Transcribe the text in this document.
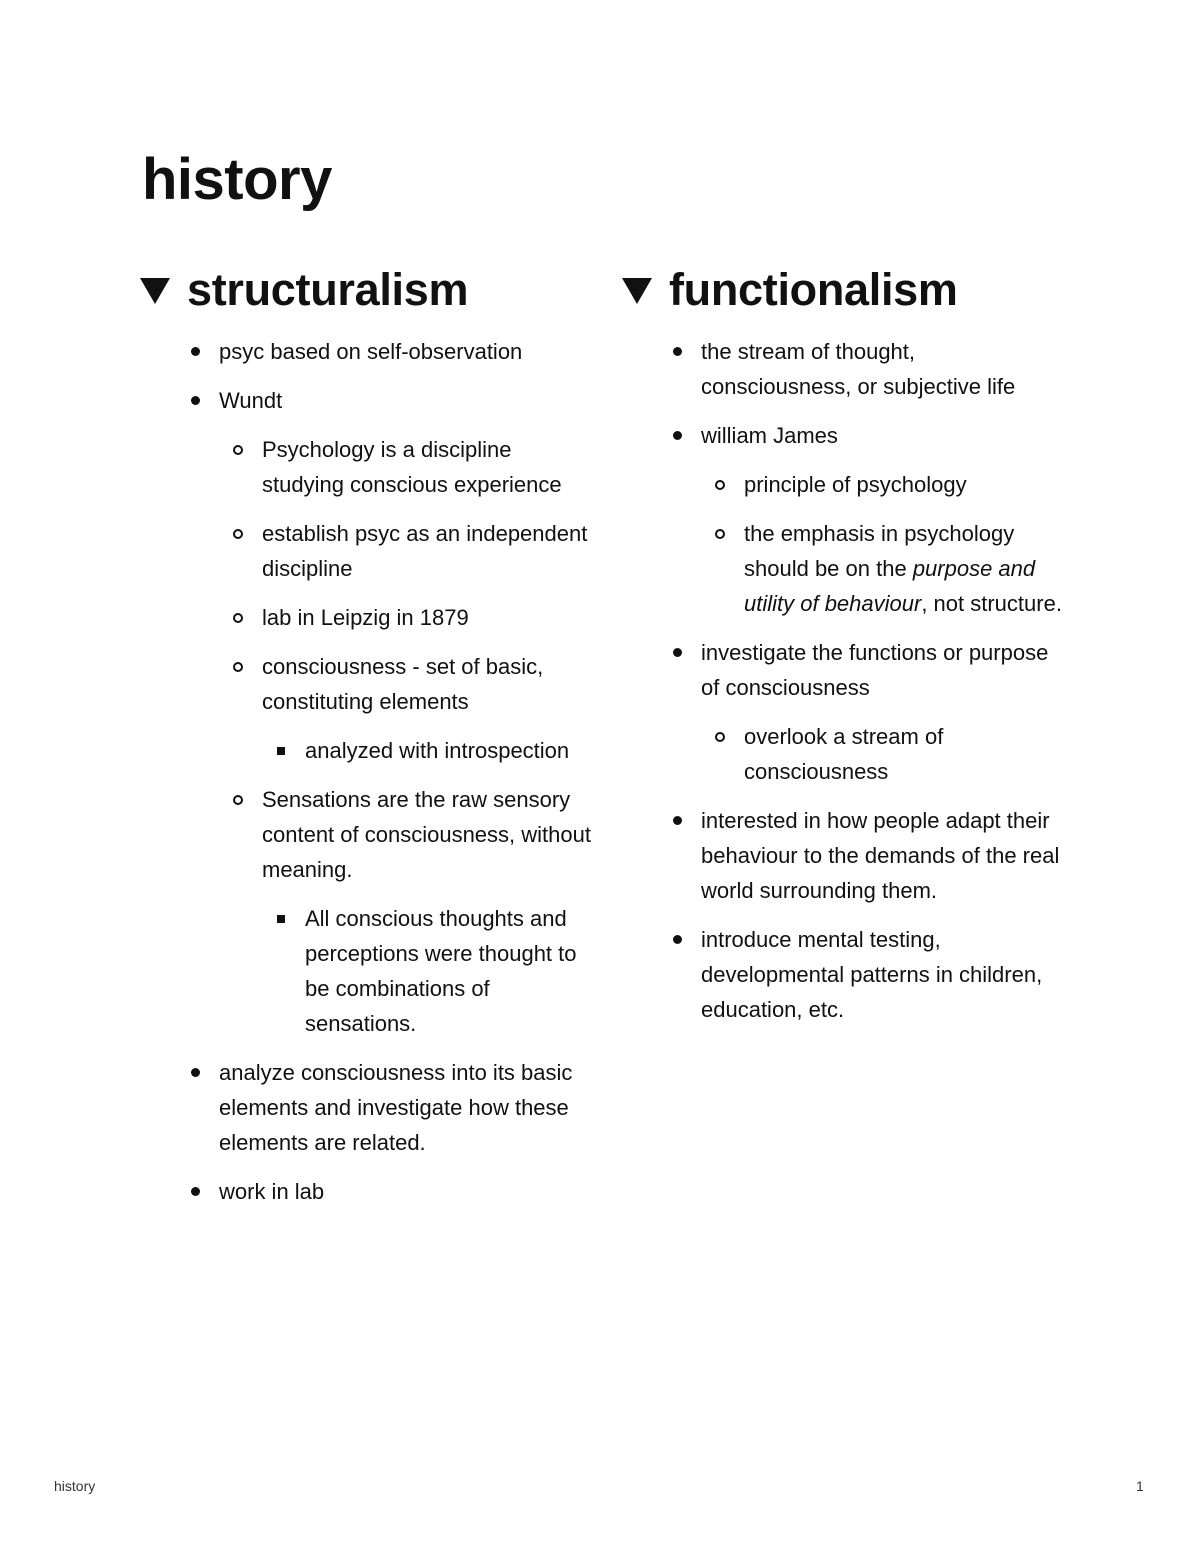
history
structuralism
psyc based on self-observation
Wundt
Psychology is a discipline studying conscious experience
establish psyc as an independent discipline
lab in Leipzig in 1879
consciousness - set of basic, constituting elements
analyzed with introspection
Sensations are the raw sensory content of consciousness, without meaning.
All conscious thoughts and perceptions were thought to be combinations of sensations.
analyze consciousness into its basic elements and investigate how these elements are related.
work in lab
functionalism
the stream of thought, consciousness, or subjective life
william James
principle of psychology
the emphasis in psychology should be on the purpose and utility of behaviour, not structure.
investigate the functions or purpose of consciousness
overlook a stream of consciousness
interested in how people adapt their behaviour to the demands of the real world surrounding them.
introduce mental testing, developmental patterns in children, education, etc.
history	1
